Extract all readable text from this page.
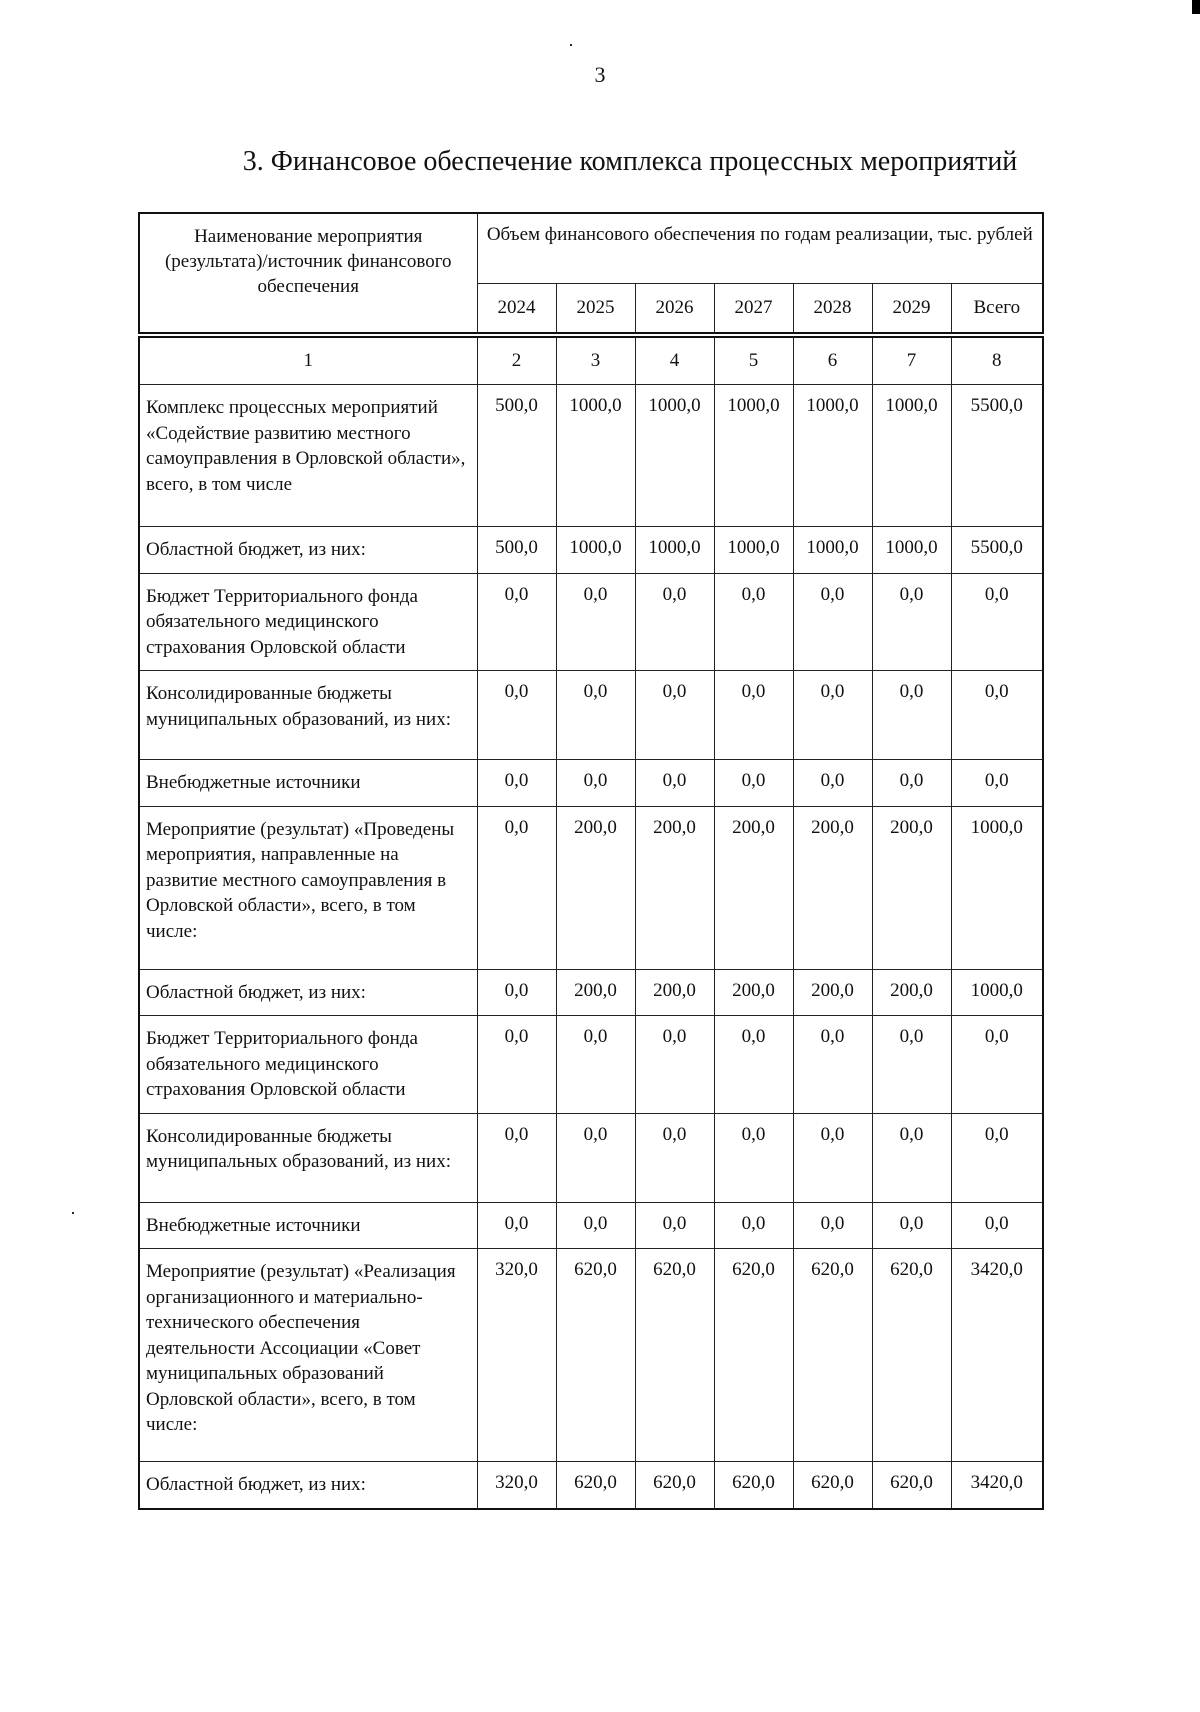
3
3. Финансовое обеспечение комплекса процессных мероприятий
Наименование мероприятия (результата)/источник финансового обеспечения	Объем финансового обеспечения по годам реализации, тыс. рублей						
	2024	2025	2026	2027	2028	2029	Всего
1	2	3	4	5	6	7	8
Комплекс процессных мероприятий «Содействие развитию местного самоуправления в Орловской области», всего, в том числе	500,0	1000,0	1000,0	1000,0	1000,0	1000,0	5500,0
Областной бюджет, из них:	500,0	1000,0	1000,0	1000,0	1000,0	1000,0	5500,0
Бюджет Территориального фонда обязательного медицинского страхования Орловской области	0,0	0,0	0,0	0,0	0,0	0,0	0,0
Консолидированные бюджеты муниципальных образований, из них:	0,0	0,0	0,0	0,0	0,0	0,0	0,0
Внебюджетные источники	0,0	0,0	0,0	0,0	0,0	0,0	0,0
Мероприятие (результат) «Проведены мероприятия, направленные на развитие местного самоуправления в Орловской области», всего, в том числе:	0,0	200,0	200,0	200,0	200,0	200,0	1000,0
Областной бюджет, из них:	0,0	200,0	200,0	200,0	200,0	200,0	1000,0
Бюджет Территориального фонда обязательного медицинского страхования Орловской области	0,0	0,0	0,0	0,0	0,0	0,0	0,0
Консолидированные бюджеты муниципальных образований, из них:	0,0	0,0	0,0	0,0	0,0	0,0	0,0
Внебюджетные источники	0,0	0,0	0,0	0,0	0,0	0,0	0,0
Мероприятие (результат) «Реализация организационного и материально-технического обеспечения деятельности Ассоциации «Совет муниципальных образований Орловской области», всего, в том числе:	320,0	620,0	620,0	620,0	620,0	620,0	3420,0
Областной бюджет, из них:	320,0	620,0	620,0	620,0	620,0	620,0	3420,0
